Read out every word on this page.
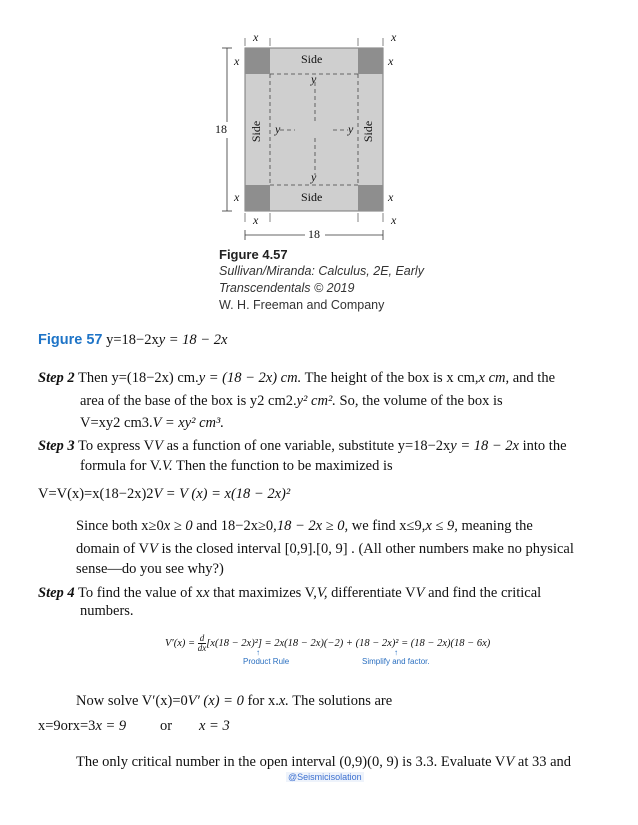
x	x
x	x
Side
y
18 Side y	y Side
y
Side
x	x
x	x
18
Figure 4.57
Sullivan/Miranda: Calculus, 2E, Early
Transcendentals © 2019
W. H. Freeman and Company
Figure 57 y=18−2xy = 18 − 2x
Step 2 Then y=(18−2x) cm.y = (18 − 2x) cm. The height of the box is x cm,x cm, and the
area of the base of the box is y2 cm2.y² cm². So, the volume of the box is
V=xy2 cm3.V = xy² cm³.
Step 3 To express VV as a function of one variable, substitute y=18−2xy = 18 − 2x into the
formula for V.V. Then the function to be maximized is
V=V(x)=x(18−2x)2V = V (x) = x(18 − 2x)²
Since both x≥0x ≥ 0 and 18−2x≥0,18 − 2x ≥ 0, we find x≤9,x ≤ 9, meaning the
domain of VV is the closed interval [0,9].[0, 9] . (All other numbers make no physical
sense—do you see why?)
Step 4 To find the value of xx that maximizes V,V, differentiate VV and find the critical
numbers.
$V'(x) = \frac{d}{dx} [x(18 - 2x)^2] = 2x(18 - 2x)(-2) + (18 - 2x)^2 = (18 - 2x)(18 - 6x)$
↑
Product Rule
↑
Simplify and factor.
Now solve V′(x)=0V′ (x) = 0 for x.x. The solutions are
x=9orx=3x = 9 or x = 3
The only critical number in the open interval (0,9)(0, 9) is 3.3. Evaluate VV at 33 and
@Seismicisolation
